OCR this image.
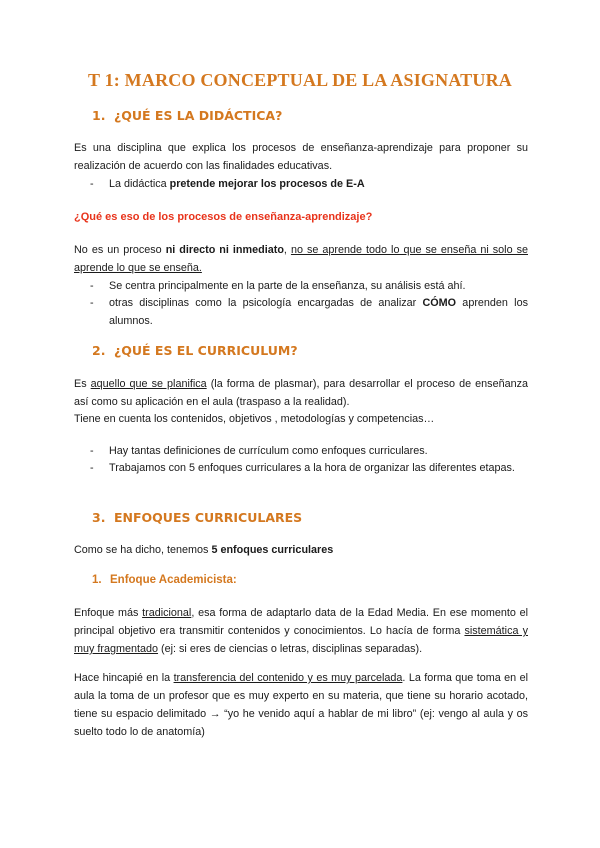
T 1: MARCO CONCEPTUAL DE LA ASIGNATURA
1. ¿QUÉ ES LA DIDÁCTICA?

Es una disciplina que explica los procesos de enseñanza-aprendizaje para proponer su realización de acuerdo con las finalidades educativas.

- La didáctica pretende mejorar los procesos de E-A

¿Qué es eso de los procesos de enseñanza-aprendizaje?

No es un proceso ni directo ni inmediato, no se aprende todo lo que se enseña ni solo se aprende lo que se enseña.

- Se centra principalmente en la parte de la enseñanza, su análisis está ahí.

- otras disciplinas como la psicología encargadas de analizar CÓMO aprenden los alumnos.

2. ¿QUÉ ES EL CURRICULUM?

Es aquello que se planifica (la forma de plasmar), para desarrollar el proceso de enseñanza así como su aplicación en el aula (traspaso a la realidad).

Tiene en cuenta los contenidos, objetivos , metodologías y competencias…

- Hay tantas definiciones de currículum como enfoques curriculares.

- Trabajamos con 5 enfoques curriculares a la hora de organizar las diferentes etapas.

3. ENFOQUES CURRICULARES

Como se ha dicho, tenemos 5 enfoques curriculares

1. Enfoque Academicista:

Enfoque más tradicional, esa forma de adaptarlo data de la Edad Media. En ese momento el principal objetivo era transmitir contenidos y conocimientos. Lo hacía de forma sistemática y muy fragmentado (ej: si eres de ciencias o letras, disciplinas separadas).

Hace hincapié en la transferencia del contenido y es muy parcelada. La forma que toma en el aula la toma de un profesor que es muy experto en su materia, que tiene su horario acotado, tiene su espacio delimitado → “yo he venido aquí a hablar de mi libro” (ej: vengo al aula y os suelto todo lo de anatomía)
